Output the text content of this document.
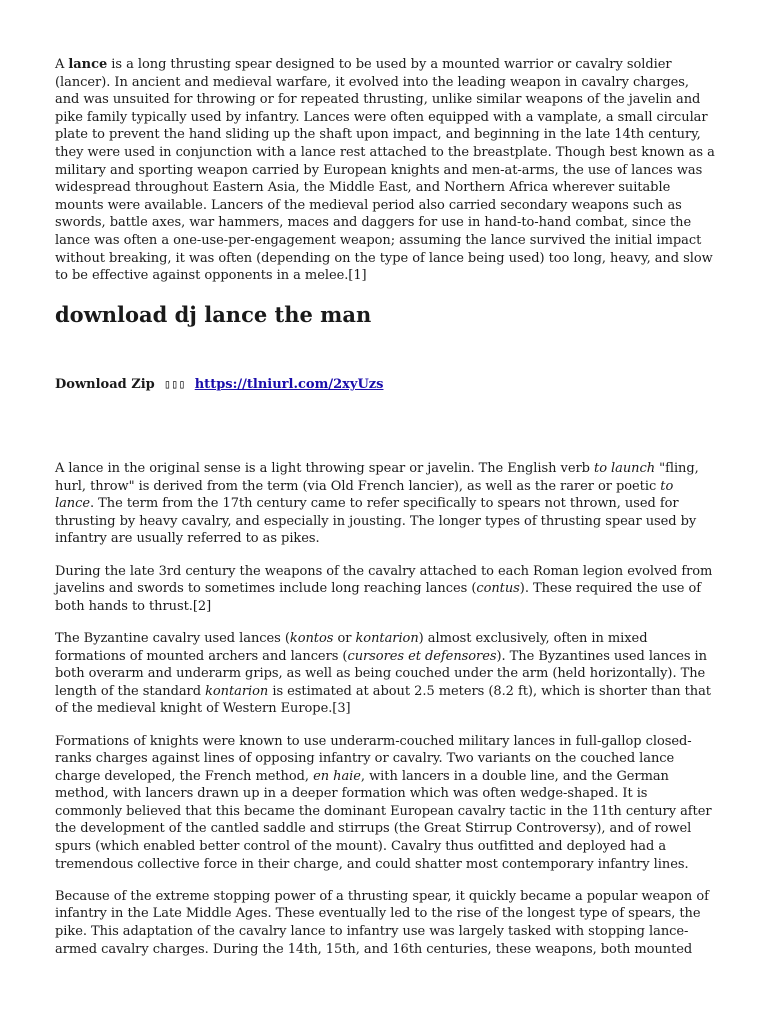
A lance is a long thrusting spear designed to be used by a mounted warrior or cavalry soldier (lancer). In ancient and medieval warfare, it evolved into the leading weapon in cavalry charges, and was unsuited for throwing or for repeated thrusting, unlike similar weapons of the javelin and pike family typically used by infantry. Lances were often equipped with a vamplate, a small circular plate to prevent the hand sliding up the shaft upon impact, and beginning in the late 14th century, they were used in conjunction with a lance rest attached to the breastplate. Though best known as a military and sporting weapon carried by European knights and men-at-arms, the use of lances was widespread throughout Eastern Asia, the Middle East, and Northern Africa wherever suitable mounts were available. Lancers of the medieval period also carried secondary weapons such as swords, battle axes, war hammers, maces and daggers for use in hand-to-hand combat, since the lance was often a one-use-per-engagement weapon; assuming the lance survived the initial impact without breaking, it was often (depending on the type of lance being used) too long, heavy, and slow to be effective against opponents in a melee.[1]

download dj lance the man
Download Zip ▯▯▯ https://tlniurl.com/2xyUzs

A lance in the original sense is a light throwing spear or javelin. The English verb to launch "fling, hurl, throw" is derived from the term (via Old French lancier), as well as the rarer or poetic to lance. The term from the 17th century came to refer specifically to spears not thrown, used for thrusting by heavy cavalry, and especially in jousting. The longer types of thrusting spear used by infantry are usually referred to as pikes.

During the late 3rd century the weapons of the cavalry attached to each Roman legion evolved from javelins and swords to sometimes include long reaching lances (contus). These required the use of both hands to thrust.[2]

The Byzantine cavalry used lances (kontos or kontarion) almost exclusively, often in mixed formations of mounted archers and lancers (cursores et defensores). The Byzantines used lances in both overarm and underarm grips, as well as being couched under the arm (held horizontally). The length of the standard kontarion is estimated at about 2.5 meters (8.2 ft), which is shorter than that of the medieval knight of Western Europe.[3]

Formations of knights were known to use underarm-couched military lances in full-gallop closed-ranks charges against lines of opposing infantry or cavalry. Two variants on the couched lance charge developed, the French method, en haie, with lancers in a double line, and the German method, with lancers drawn up in a deeper formation which was often wedge-shaped. It is commonly believed that this became the dominant European cavalry tactic in the 11th century after the development of the cantled saddle and stirrups (the Great Stirrup Controversy), and of rowel spurs (which enabled better control of the mount). Cavalry thus outfitted and deployed had a tremendous collective force in their charge, and could shatter most contemporary infantry lines.

Because of the extreme stopping power of a thrusting spear, it quickly became a popular weapon of infantry in the Late Middle Ages. These eventually led to the rise of the longest type of spears, the pike. This adaptation of the cavalry lance to infantry use was largely tasked with stopping lance-armed cavalry charges. During the 14th, 15th, and 16th centuries, these weapons, both mounted
